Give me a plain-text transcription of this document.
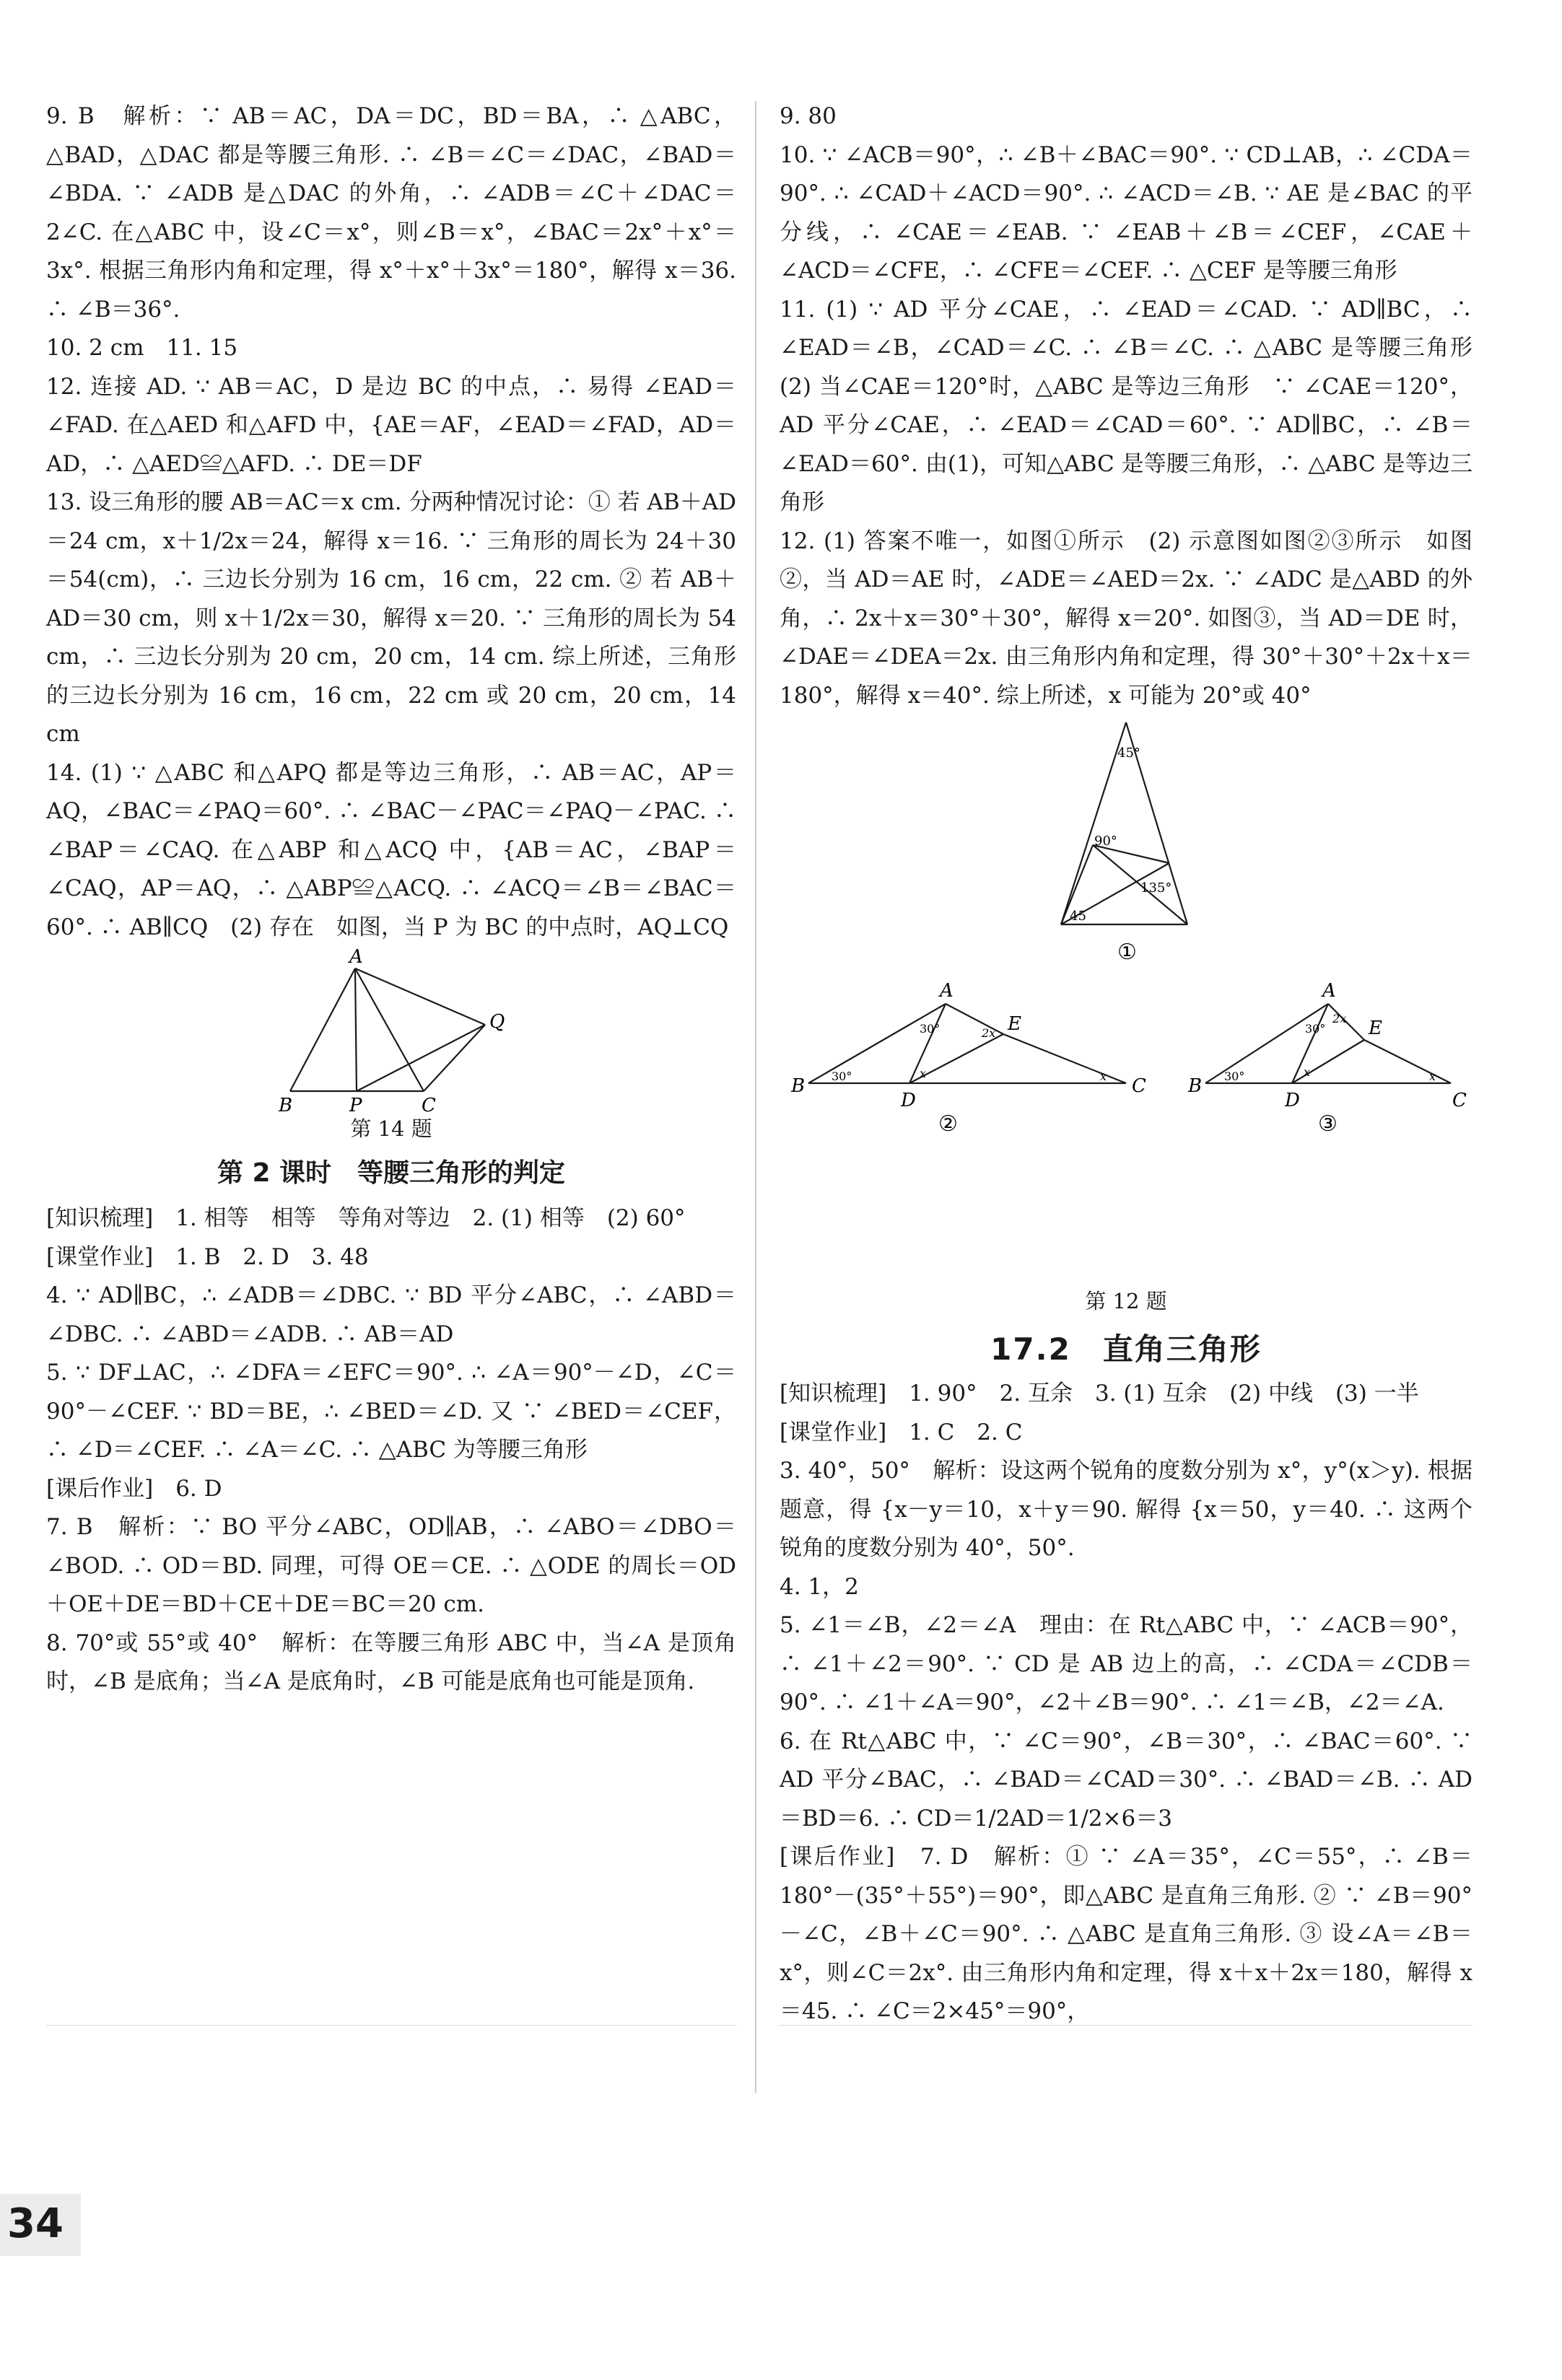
9. B　解析：∵ AB＝AC，DA＝DC，BD＝BA，∴ △ABC，△BAD，△DAC 都是等腰三角形. ∴ ∠B＝∠C＝∠DAC，∠BAD＝∠BDA. ∵ ∠ADB 是△DAC 的外角，∴ ∠ADB＝∠C＋∠DAC＝2∠C. 在△ABC 中，设∠C＝x°，则∠B＝x°，∠BAC＝2x°＋x°＝3x°. 根据三角形内角和定理，得 x°＋x°＋3x°＝180°，解得 x＝36. ∴ ∠B＝36°.

10. 2 cm　11. 15

12. 连接 AD. ∵ AB＝AC，D 是边 BC 的中点，∴ 易得 ∠EAD＝∠FAD. 在△AED 和△AFD 中，{AE＝AF，∠EAD＝∠FAD，AD＝AD，∴ △AED≌△AFD. ∴ DE＝DF

13. 设三角形的腰 AB＝AC＝x cm. 分两种情况讨论：① 若 AB＋AD＝24 cm，x＋1/2x＝24，解得 x＝16. ∵ 三角形的周长为 24＋30＝54(cm)，∴ 三边长分别为 16 cm，16 cm，22 cm. ② 若 AB＋AD＝30 cm，则 x＋1/2x＝30，解得 x＝20. ∵ 三角形的周长为 54 cm，∴ 三边长分别为 20 cm，20 cm，14 cm. 综上所述，三角形的三边长分别为 16 cm，16 cm，22 cm 或 20 cm，20 cm，14 cm

14. (1) ∵ △ABC 和△APQ 都是等边三角形，∴ AB＝AC，AP＝AQ，∠BAC＝∠PAQ＝60°. ∴ ∠BAC－∠PAC＝∠PAQ－∠PAC. ∴ ∠BAP＝∠CAQ. 在△ABP 和△ACQ 中，{AB＝AC，∠BAP＝∠CAQ，AP＝AQ，∴ △ABP≌△ACQ. ∴ ∠ACQ＝∠B＝∠BAC＝60°. ∴ AB∥CQ　(2) 存在　如图，当 P 为 BC 的中点时，AQ⊥CQ

A
B	P	C
Q

第 14 题

第 2 课时　等腰三角形的判定

[知识梳理]　1. 相等　相等　等角对等边　2. (1) 相等　(2) 60°

[课堂作业]　1. B　2. D　3. 48

4. ∵ AD∥BC，∴ ∠ADB＝∠DBC. ∵ BD 平分∠ABC，∴ ∠ABD＝∠DBC. ∴ ∠ABD＝∠ADB. ∴ AB＝AD

5. ∵ DF⊥AC，∴ ∠DFA＝∠EFC＝90°. ∴ ∠A＝90°－∠D，∠C＝90°－∠CEF. ∵ BD＝BE，∴ ∠BED＝∠D. 又 ∵ ∠BED＝∠CEF，∴ ∠D＝∠CEF. ∴ ∠A＝∠C. ∴ △ABC 为等腰三角形

[课后作业]　6. D

7. B　解析：∵ BO 平分∠ABC，OD∥AB，∴ ∠ABO＝∠DBO＝∠BOD. ∴ OD＝BD. 同理，可得 OE＝CE. ∴ △ODE 的周长＝OD＋OE＋DE＝BD＋CE＋DE＝BC＝20 cm.

8. 70°或 55°或 40°　解析：在等腰三角形 ABC 中，当∠A 是顶角时，∠B 是底角；当∠A 是底角时，∠B 可能是底角也可能是顶角.

9. 80

10. ∵ ∠ACB＝90°，∴ ∠B＋∠BAC＝90°. ∵ CD⊥AB，∴ ∠CDA＝90°. ∴ ∠CAD＋∠ACD＝90°. ∴ ∠ACD＝∠B. ∵ AE 是∠BAC 的平分线，∴ ∠CAE＝∠EAB. ∵ ∠EAB＋∠B＝∠CEF，∠CAE＋∠ACD＝∠CFE，∴ ∠CFE＝∠CEF. ∴ △CEF 是等腰三角形

11. (1) ∵ AD 平分∠CAE，∴ ∠EAD＝∠CAD. ∵ AD∥BC，∴ ∠EAD＝∠B，∠CAD＝∠C. ∴ ∠B＝∠C. ∴ △ABC 是等腰三角形　(2) 当∠CAE＝120°时，△ABC 是等边三角形　∵ ∠CAE＝120°，AD 平分∠CAE，∴ ∠EAD＝∠CAD＝60°. ∵ AD∥BC，∴ ∠B＝∠EAD＝60°. 由(1)，可知△ABC 是等腰三角形，∴ △ABC 是等边三角形

12. (1) 答案不唯一，如图①所示　(2) 示意图如图②③所示　如图②，当 AD＝AE 时，∠ADE＝∠AED＝2x. ∵ ∠ADC 是△ABD 的外角，∴ 2x＋x＝30°＋30°，解得 x＝20°. 如图③，当 AD＝DE 时，∠DAE＝∠DEA＝2x. 由三角形内角和定理，得 30°＋30°＋2x＋x＝180°，解得 x＝40°. 综上所述，x 可能为 20°或 40°

45°
90°
135°
45
①
A
B
D
E
C
30°
30°	2x
x	x
②
A
B
D
E
C
30°
30°
2x
x	x
③

第 12 题

17.2　直角三角形

[知识梳理]　1. 90°　2. 互余　3. (1) 互余　(2) 中线　(3) 一半

[课堂作业]　1. C　2. C

3. 40°，50°　解析：设这两个锐角的度数分别为 x°，y°(x＞y). 根据题意，得 {x－y＝10，x＋y＝90. 解得 {x＝50，y＝40. ∴ 这两个锐角的度数分别为 40°，50°.

4. 1，2

5. ∠1＝∠B，∠2＝∠A　理由：在 Rt△ABC 中，∵ ∠ACB＝90°，∴ ∠1＋∠2＝90°. ∵ CD 是 AB 边上的高，∴ ∠CDA＝∠CDB＝90°. ∴ ∠1＋∠A＝90°，∠2＋∠B＝90°. ∴ ∠1＝∠B，∠2＝∠A.

6. 在 Rt△ABC 中，∵ ∠C＝90°，∠B＝30°，∴ ∠BAC＝60°. ∵ AD 平分∠BAC，∴ ∠BAD＝∠CAD＝30°. ∴ ∠BAD＝∠B. ∴ AD＝BD＝6. ∴ CD＝1/2AD＝1/2×6＝3

[课后作业]　7. D　解析：① ∵ ∠A＝35°，∠C＝55°，∴ ∠B＝180°－(35°＋55°)＝90°，即△ABC 是直角三角形. ② ∵ ∠B＝90°－∠C，∠B＋∠C＝90°. ∴ △ABC 是直角三角形. ③ 设∠A＝∠B＝x°，则∠C＝2x°. 由三角形内角和定理，得 x＋x＋2x＝180，解得 x＝45. ∴ ∠C＝2×45°＝90°，

34
